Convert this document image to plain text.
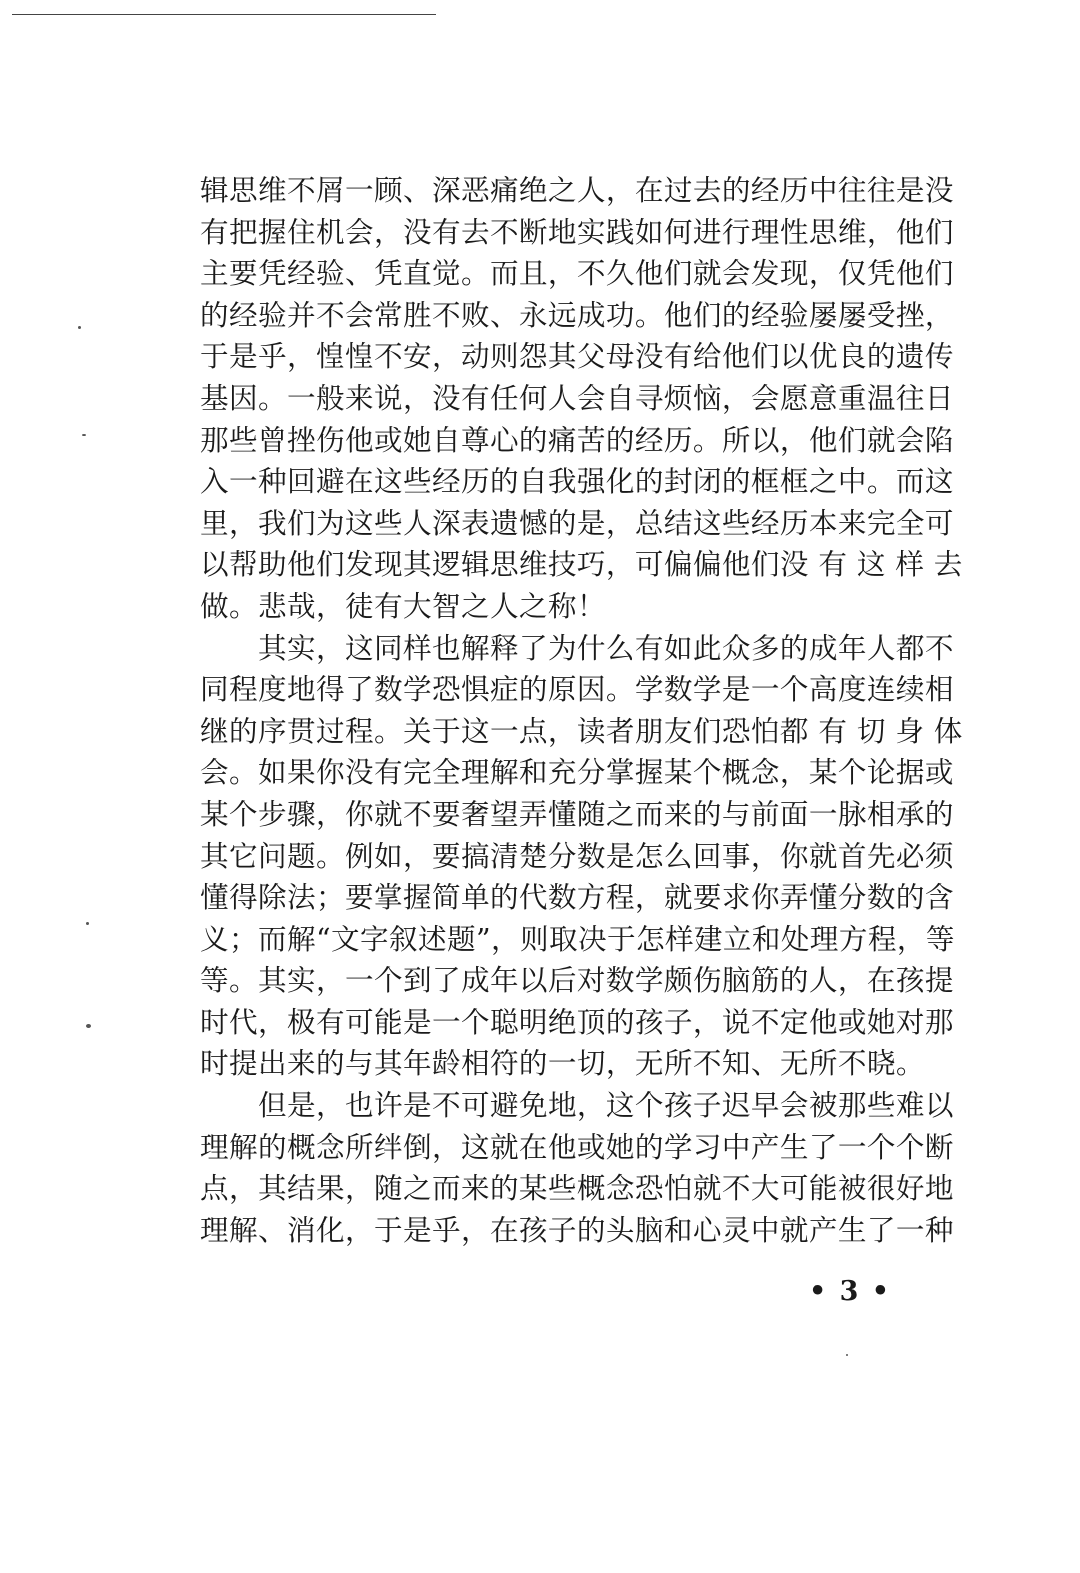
辑思维不屑一顾、深恶痛绝之人，在过去的经历中往往是没
有把握住机会，没有去不断地实践如何进行理性思维，他们
主要凭经验、凭直觉。而且，不久他们就会发现，仅凭他们
的经验并不会常胜不败、永远成功。他们的经验屡屡受挫，
于是乎，惶惶不安，动则怨其父母没有给他们以优良的遗传
基因。一般来说，没有任何人会自寻烦恼，会愿意重温往日
那些曾挫伤他或她自尊心的痛苦的经历。所以，他们就会陷
入一种回避在这些经历的自我强化的封闭的框框之中。而这
里，我们为这些人深表遗憾的是，总结这些经历本来完全可
以帮助他们发现其逻辑思维技巧，可偏偏他们没 有 这 样 去
做。悲哉，徒有大智之人之称！
其实，这同样也解释了为什么有如此众多的成年人都不
同程度地得了数学恐惧症的原因。学数学是一个高度连续相
继的序贯过程。关于这一点，读者朋友们恐怕都 有 切 身 体
会。如果你没有完全理解和充分掌握某个概念，某个论据或
某个步骤，你就不要奢望弄懂随之而来的与前面一脉相承的
其它问题。例如，要搞清楚分数是怎么回事，你就首先必须
懂得除法；要掌握简单的代数方程，就要求你弄懂分数的含
义；而解“文字叙述题”，则取决于怎样建立和处理方程，等
等。其实，一个到了成年以后对数学颇伤脑筋的人，在孩提
时代，极有可能是一个聪明绝顶的孩子，说不定他或她对那
时提出来的与其年龄相符的一切，无所不知、无所不晓。
但是，也许是不可避免地，这个孩子迟早会被那些难以
理解的概念所绊倒，这就在他或她的学习中产生了一个个断
点，其结果，随之而来的某些概念恐怕就不大可能被很好地
理解、消化，于是乎，在孩子的头脑和心灵中就产生了一种
• 3 •
